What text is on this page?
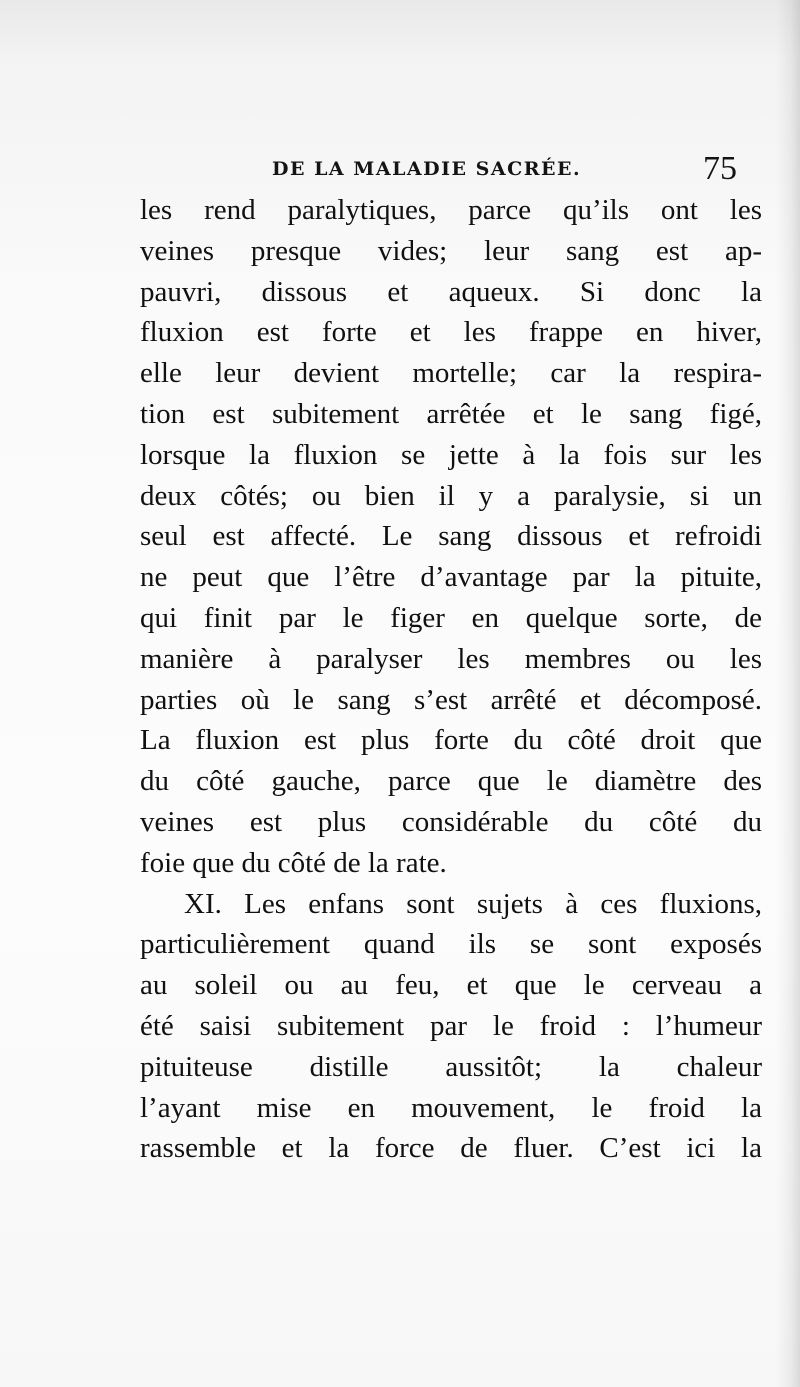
DE LA MALADIE SACRÉE.	75
les rend paralytiques, parce qu’ils ont les
veines presque vides; leur sang est ap-
pauvri, dissous et aqueux. Si donc la
fluxion est forte et les frappe en hiver,
elle leur devient mortelle; car la respira-
tion est subitement arrêtée et le sang figé,
lorsque la fluxion se jette à la fois sur les
deux côtés; ou bien il y a paralysie, si un
seul est affecté. Le sang dissous et refroidi
ne peut que l’être d’avantage par la pituite,
qui finit par le figer en quelque sorte, de
manière à paralyser les membres ou les
parties où le sang s’est arrêté et décomposé.
La fluxion est plus forte du côté droit que
du côté gauche, parce que le diamètre des
veines est plus considérable du côté du
foie que du côté de la rate.
XI. Les enfans sont sujets à ces fluxions,
particulièrement quand ils se sont exposés
au soleil ou au feu, et que le cerveau a
été saisi subitement par le froid : l’humeur
pituiteuse distille aussitôt; la chaleur
l’ayant mise en mouvement, le froid la
rassemble et la force de fluer. C’est ici la
